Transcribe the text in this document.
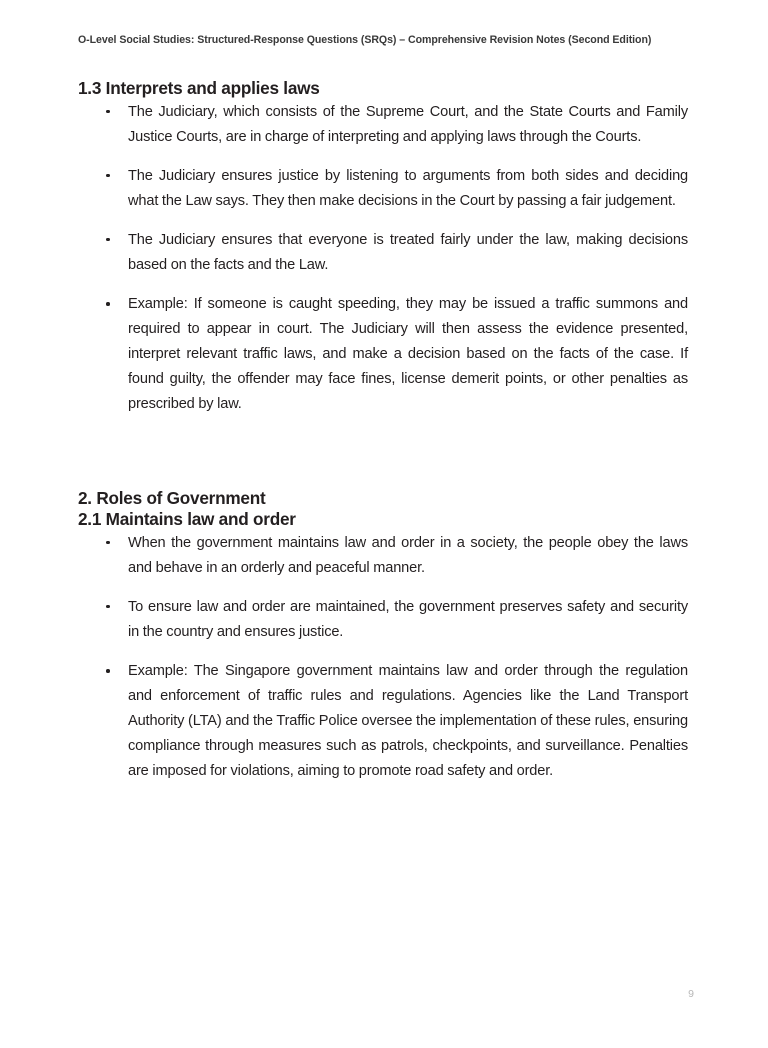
O-Level Social Studies: Structured-Response Questions (SRQs) – Comprehensive Revision Notes (Second Edition)
1.3 Interprets and applies laws
The Judiciary, which consists of the Supreme Court, and the State Courts and Family Justice Courts, are in charge of interpreting and applying laws through the Courts.
The Judiciary ensures justice by listening to arguments from both sides and deciding what the Law says. They then make decisions in the Court by passing a fair judgement.
The Judiciary ensures that everyone is treated fairly under the law, making decisions based on the facts and the Law.
Example: If someone is caught speeding, they may be issued a traffic summons and required to appear in court. The Judiciary will then assess the evidence presented, interpret relevant traffic laws, and make a decision based on the facts of the case. If found guilty, the offender may face fines, license demerit points, or other penalties as prescribed by law.
2. Roles of Government
2.1 Maintains law and order
When the government maintains law and order in a society, the people obey the laws and behave in an orderly and peaceful manner.
To ensure law and order are maintained, the government preserves safety and security in the country and ensures justice.
Example: The Singapore government maintains law and order through the regulation and enforcement of traffic rules and regulations. Agencies like the Land Transport Authority (LTA) and the Traffic Police oversee the implementation of these rules, ensuring compliance through measures such as patrols, checkpoints, and surveillance. Penalties are imposed for violations, aiming to promote road safety and order.
9
